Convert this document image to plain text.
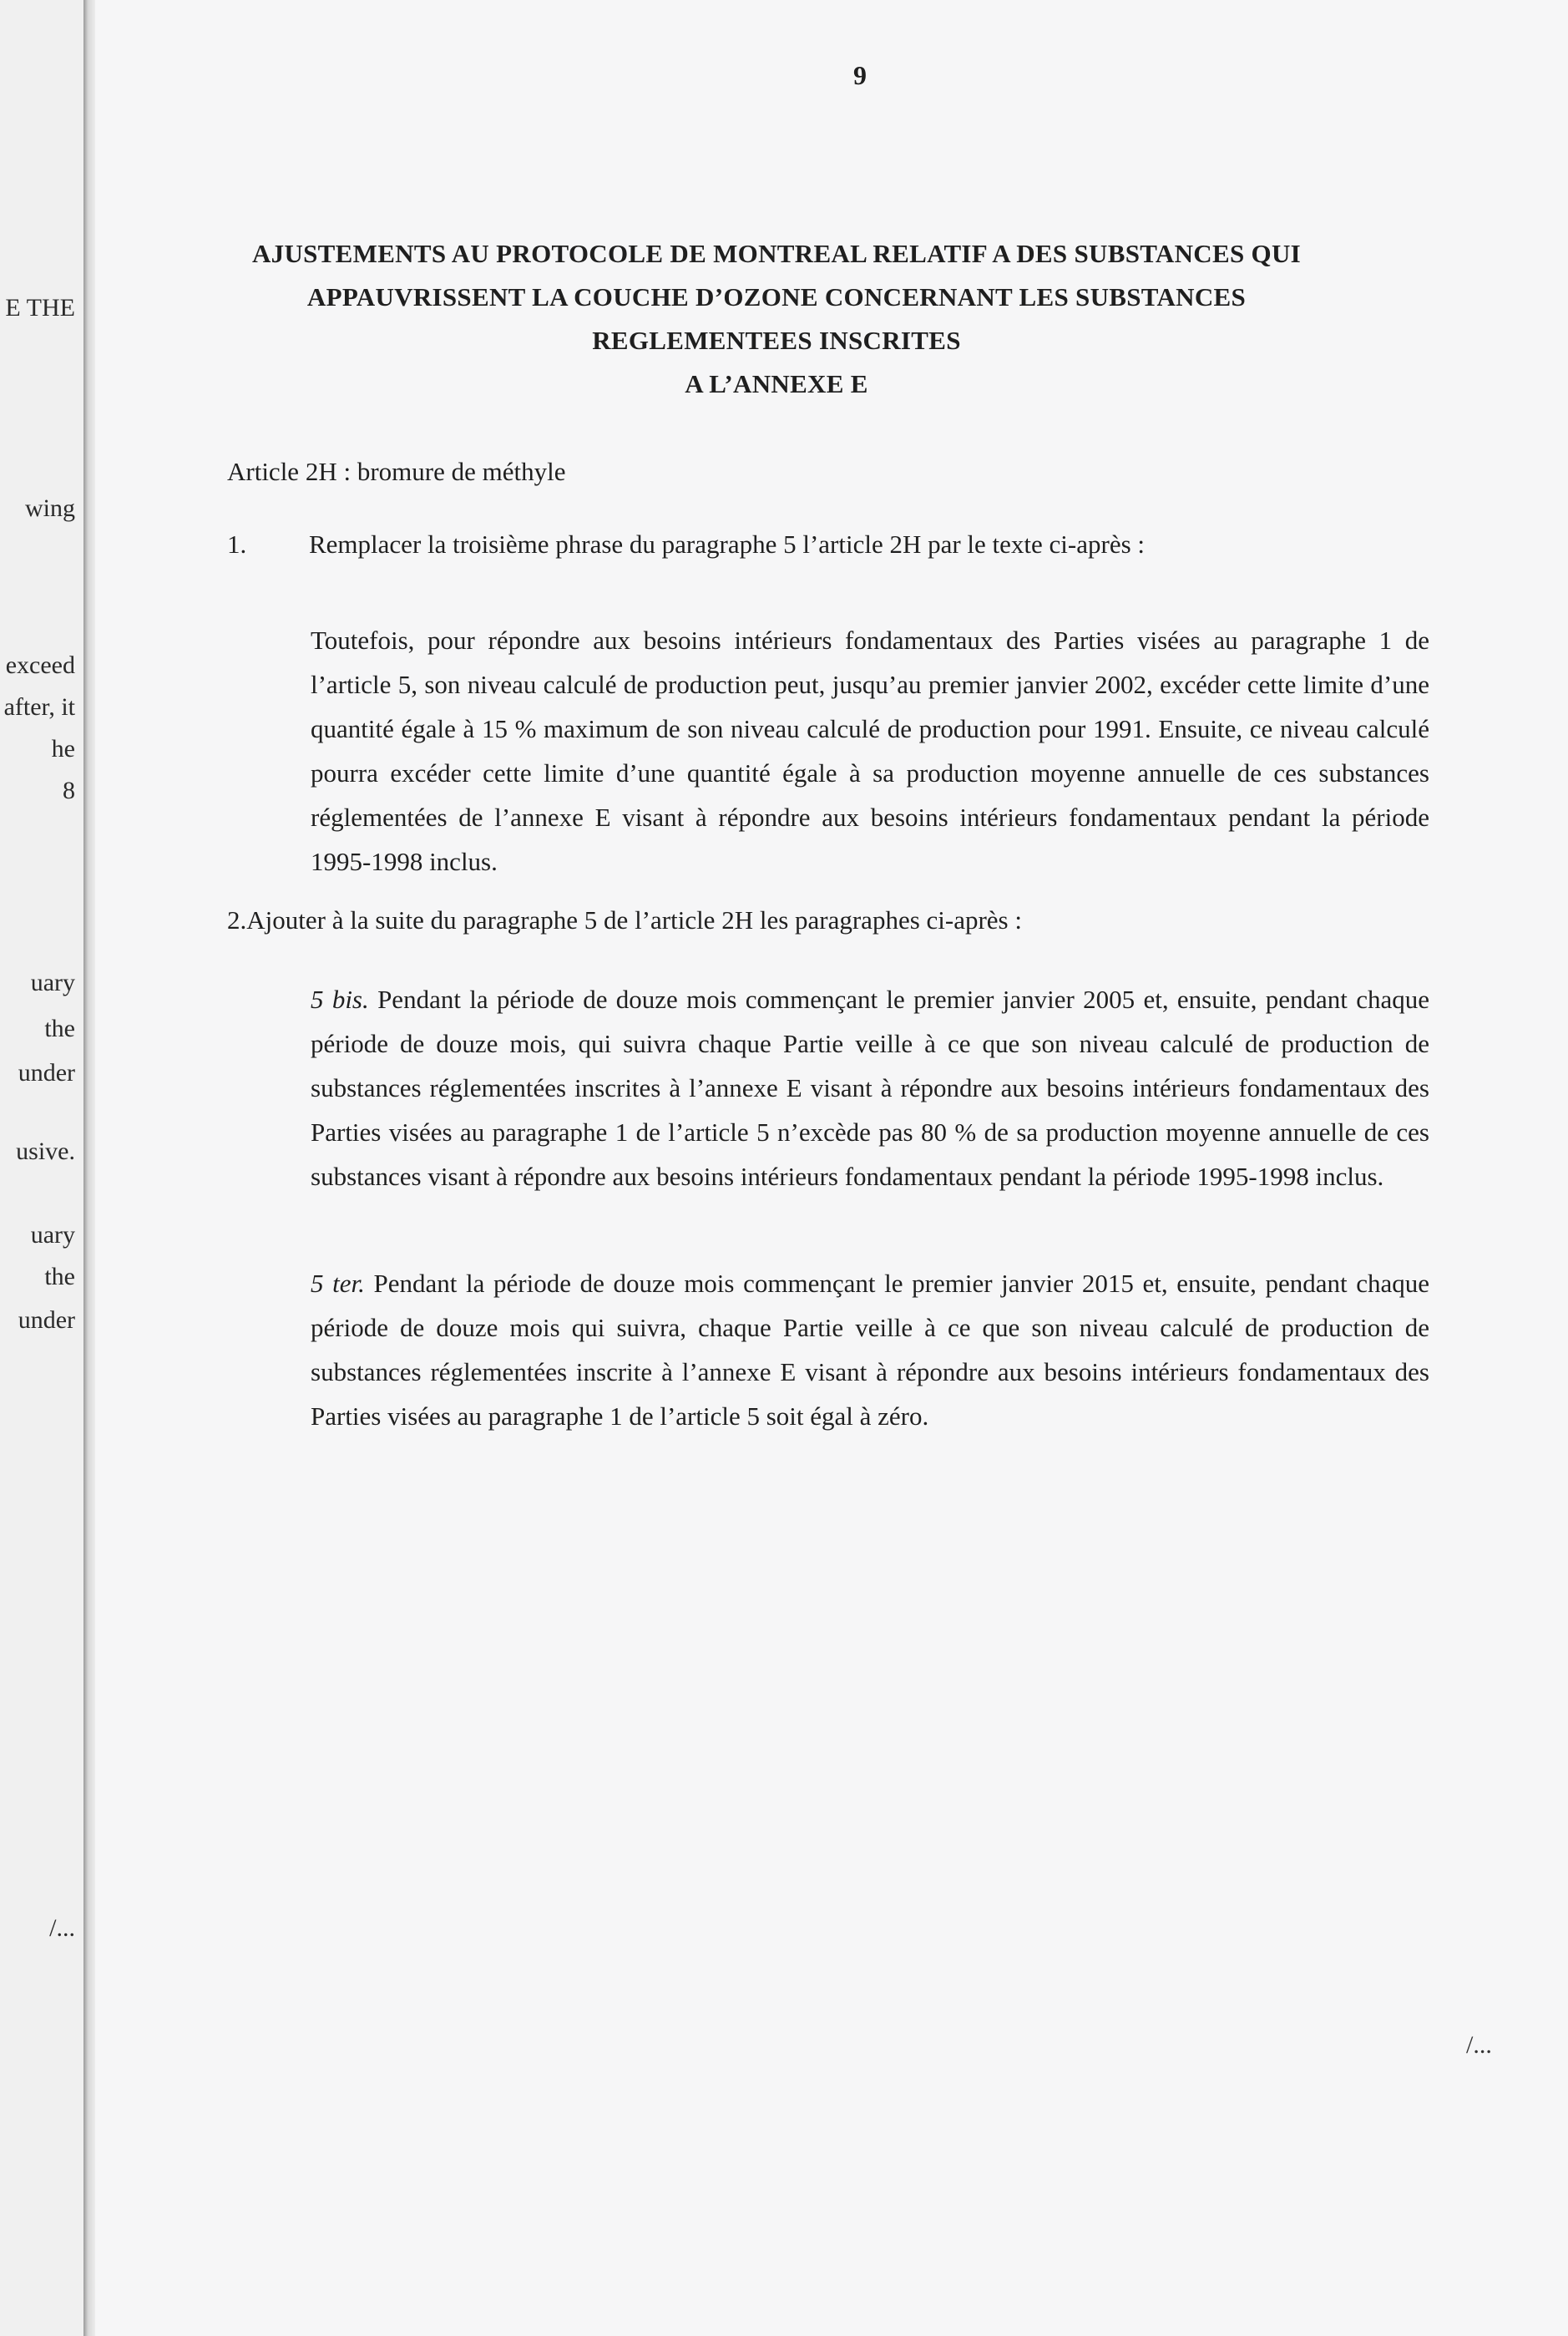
E THE
wing
exceed
after, it
he
8
uary
the
under
usive.
uary
the
under
/...
9
AJUSTEMENTS AU PROTOCOLE DE MONTREAL RELATIF A DES SUBSTANCES QUI
APPAUVRISSENT LA COUCHE D’OZONE CONCERNANT LES SUBSTANCES
REGLEMENTEES INSCRITES
A L’ANNEXE E
Article 2H : bromure de méthyle
1. Remplacer la troisième phrase du paragraphe 5 l’article 2H par le texte ci-après :
Toutefois, pour répondre aux besoins intérieurs fondamentaux des Parties visées au paragraphe 1 de l’article 5, son niveau calculé de production peut, jusqu’au premier janvier 2002, excéder cette limite d’une quantité égale à 15 % maximum de son niveau calculé de production pour 1991. Ensuite, ce niveau calculé pourra excéder cette limite d’une quantité égale à sa production moyenne annuelle de ces substances réglementées de l’annexe E visant à répondre aux besoins intérieurs fondamentaux pendant la période 1995-1998 inclus.
2.Ajouter à la suite du paragraphe 5 de l’article 2H les paragraphes ci-après :
5 bis. Pendant la période de douze mois commençant le premier janvier 2005 et, ensuite, pendant chaque période de douze mois, qui suivra chaque Partie veille à ce que son niveau calculé de production de substances réglementées inscrites à l’annexe E visant à répondre aux besoins intérieurs fondamentaux des Parties visées au paragraphe 1 de l’article 5 n’excède pas 80 % de sa production moyenne annuelle de ces substances visant à répondre aux besoins intérieurs fondamentaux pendant la période 1995-1998 inclus.
5 ter. Pendant la période de douze mois commençant le premier janvier 2015 et, ensuite, pendant chaque période de douze mois qui suivra, chaque Partie veille à ce que son niveau calculé de production de substances réglementées inscrite à l’annexe E visant à répondre aux besoins intérieurs fondamentaux des Parties visées au paragraphe 1 de l’article 5 soit égal à zéro.
/...
